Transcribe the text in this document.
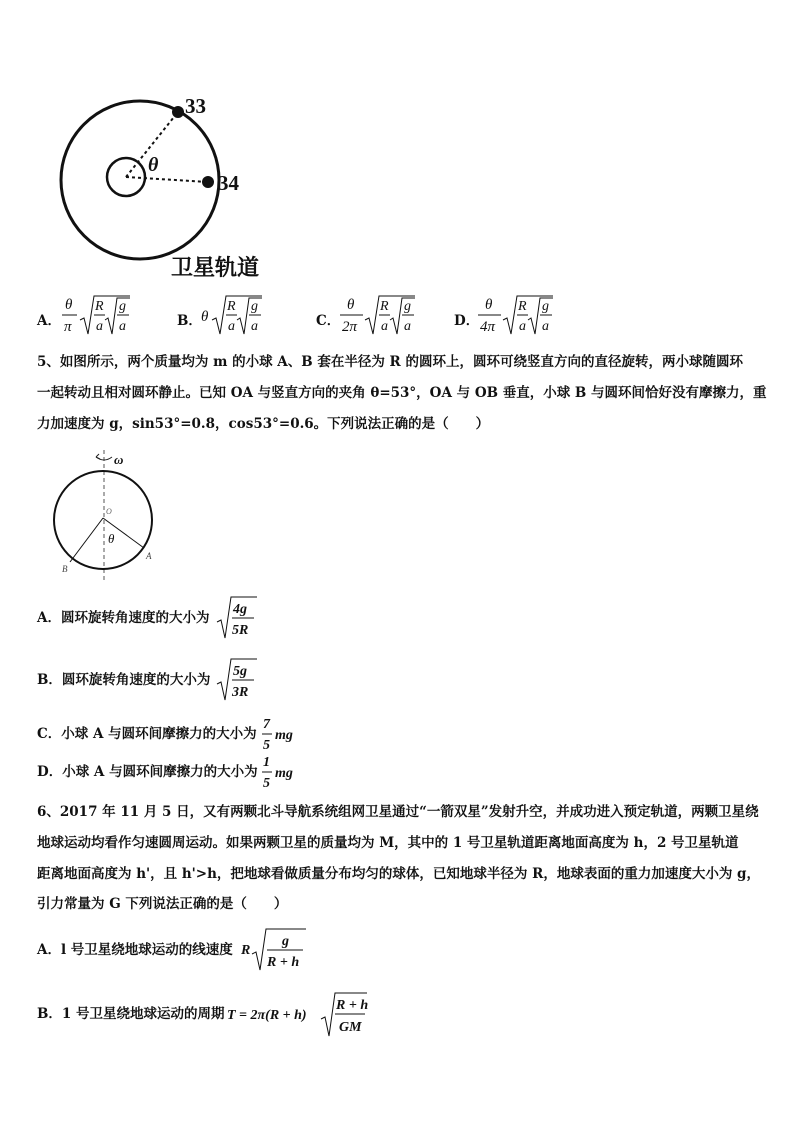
33
34
θ
卫星轨道
A．
θ
π
R
a
g
a	B． θ
R
a
g
a	C．
θ
2π
R
a
g
a	D．
θ
4π
R
a
g
a
5、如图所示，两个质量均为 m 的小球 A、B 套在半径为 R 的圆环上，圆环可绕竖直方向的直径旋转，两小球随圆环
一起转动且相对圆环静止。已知 OA 与竖直方向的夹角 θ=53°，OA 与 OB 垂直，小球 B 与圆环间恰好没有摩擦力，重
力加速度为 g，sin53°=0.8，cos53°=0.6。下列说法正确的是（　　）
ω
O
θ
A
B
A．圆环旋转角速度的大小为
4g
5R
B．圆环旋转角速度的大小为
5g
3R
C．小球 A 与圆环间摩擦力的大小为
7
5
mg
D．小球 A 与圆环间摩擦力的大小为
1
5
mg
6、2017 年 11 月 5 日，又有两颗北斗导航系统组网卫星通过“一箭双星”发射升空，并成功进入预定轨道，两颗卫星绕
地球运动均看作匀速圆周运动。如果两颗卫星的质量均为 M，其中的 1 号卫星轨道距离地面高度为 h，2 号卫星轨道
距离地面高度为 h'，且 h'>h，把地球看做质量分布均匀的球体，已知地球半径为 R，地球表面的重力加速度大小为 g，
引力常量为 G 下列说法正确的是（　　）
A．l 号卫星绕地球运动的线速度 R
g
R + h
B．1 号卫星绕地球运动的周期 T = 2π(R + h)
R + h
GM
